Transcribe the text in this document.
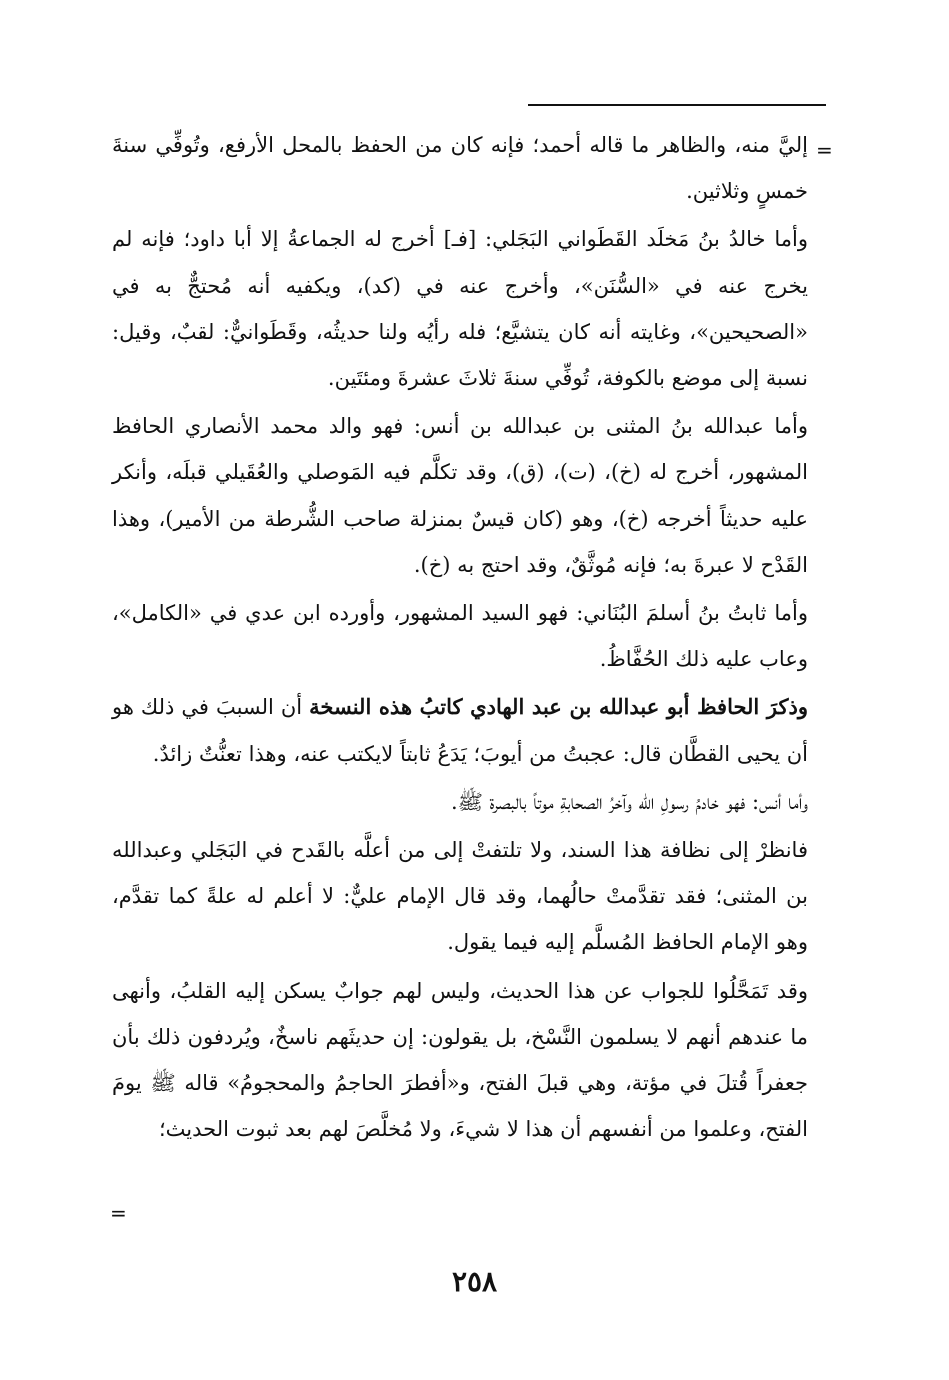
=

إليَّ منه، والظاهر ما قاله أحمد؛ فإنه كان من الحفظ بالمحل الأرفع، وتُوفِّي سنةَ خمسٍ وثلاثين.

وأما خالدُ بنُ مَخلَد القَطَواني البَجَلي: [فـ] أخرج له الجماعةُ إلا أبا داود؛ فإنه لم يخرج عنه في «السُّنَن»، وأخرج عنه في (كد)، ويكفيه أنه مُحتجٌّ به في «الصحيحين»، وغايته أنه كان يتشيَّع؛ فله رأيُه ولنا حديثُه، وقَطَوانيٌّ: لقبٌ، وقيل: نسبة إلى موضع بالكوفة، تُوفِّي سنةَ ثلاثَ عشرةَ ومئتَين.

وأما عبدالله بنُ المثنى بن عبدالله بن أنس: فهو والد محمد الأنصاري الحافظ المشهور، أخرج له (خ)، (ت)، (ق)، وقد تكلَّم فيه المَوصلي والعُقَيلي قبلَه، وأنكر عليه حديثاً أخرجه (خ)، وهو (كان قيسٌ بمنزلة صاحب الشُّرطة من الأمير)، وهذا القَدْح لا عبرةَ به؛ فإنه مُوثَّقٌ، وقد احتج به (خ).

وأما ثابتُ بنُ أسلمَ البُنَاني: فهو السيد المشهور، وأورده ابن عدي في «الكامل»، وعاب عليه ذلك الحُفَّاظُ.

وذكرَ الحافظ أبو عبدالله بن عبد الهادي كاتبُ هذه النسخة أن السببَ في ذلك هو أن يحيى القطَّان قال: عجبتُ من أيوبَ؛ يَدَعُ ثابتاً لايكتب عنه، وهذا تعنُّتٌ زائدٌ.

وأما أنس: فهو خادمُ رسولِ الله وآخرُ الصحابةِ موتاً بالبصرة ﷺ.

فانظرْ إلى نظافة هذا السند، ولا تلتفتْ إلى من أعلَّه بالقَدح في البَجَلي وعبدالله بن المثنى؛ فقد تقدَّمتْ حالُهما، وقد قال الإمام عليٌّ: لا أعلم له علةً كما تقدَّم، وهو الإمام الحافظ المُسلَّم إليه فيما يقول.

وقد تَمَحَّلُوا للجواب عن هذا الحديث، وليس لهم جوابٌ يسكن إليه القلبُ، وأنهى ما عندهم أنهم لا يسلمون النَّسْخ، بل يقولون: إن حديثَهم ناسخٌ، ويُردفون ذلك بأن جعفراً قُتلَ في مؤتة، وهي قبلَ الفتح، و«أفطرَ الحاجمُ والمحجومُ» قاله ﷺ يومَ الفتح، وعلموا من أنفسهم أن هذا لا شيءَ، ولا مُخلَّصَ لهم بعد ثبوت الحديث؛

=
٢٥٨
